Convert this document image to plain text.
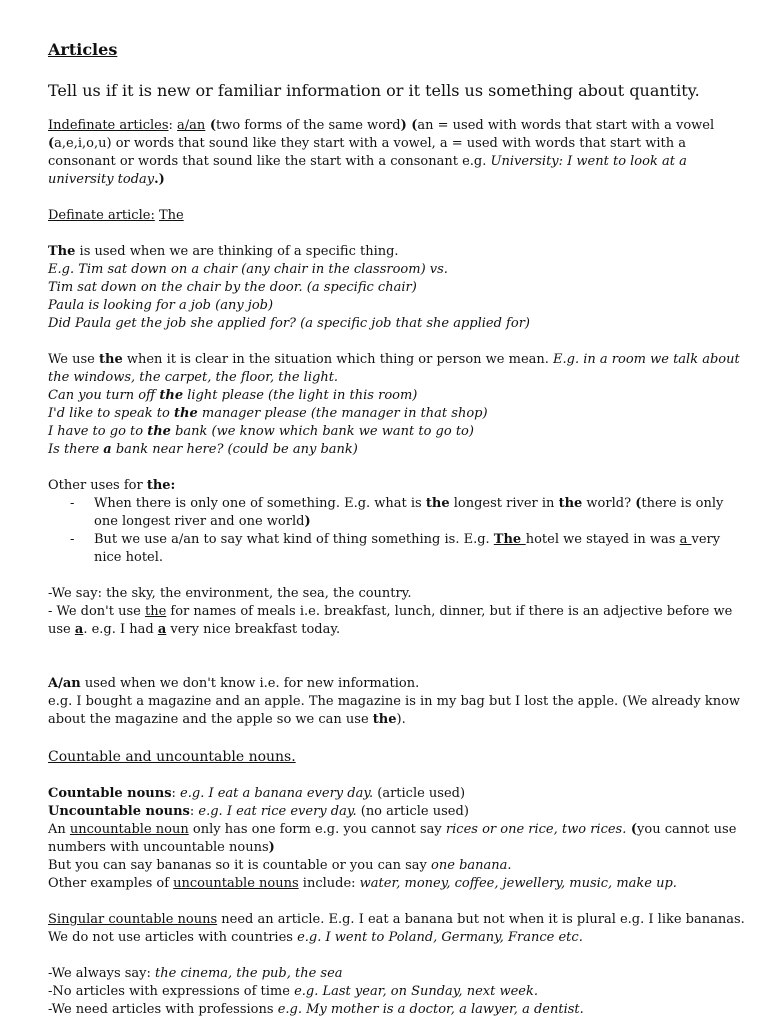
Articles

Tell us if it is new or familiar information or it tells us something about quantity.

Indefinate articles: a/an (two forms of the same word) (an = used with words that start with a vowel (a,e,i,o,u) or words that sound like they start with a vowel, a = used with words that start with a consonant or words that sound like the start with a consonant e.g. University: I went to look at a university today.)

Definate article: The

The is used when we are thinking of a specific thing.

E.g. Tim sat down on a chair (any chair in the classroom) vs.

Tim sat down on the chair by the door. (a specific chair)

Paula is looking for a job (any job)

Did Paula get the job she applied for? (a specific job that she applied for)

We use the when it is clear in the situation which thing or person we mean. E.g. in a room we talk about the windows, the carpet, the floor, the light.

Can you turn off the light please (the light in this room)

I'd like to speak to the manager please (the manager in that shop)

I have to go to the bank (we know which bank we want to go to)

Is there a bank near here? (could be any bank)

Other uses for the:

- When there is only one of something. E.g. what is the longest river in the world? (there is only one longest river and one world)
- But we use a/an to say what kind of thing something is. E.g. The hotel we stayed in was a very nice hotel.

-We say: the sky, the environment, the sea, the country.

- We don't use the for names of meals i.e. breakfast, lunch, dinner, but if there is an adjective before we use a. e.g. I had a very nice breakfast today.

A/an used when we don't know i.e. for new information.

e.g. I bought a magazine and an apple. The magazine is in my bag but I lost the apple. (We already know about the magazine and the apple so we can use the).

Countable and uncountable nouns.

Countable nouns: e.g. I eat a banana every day. (article used)

Uncountable nouns: e.g. I eat rice every day. (no article used)

An uncountable noun only has one form e.g. you cannot say rices or one rice, two rices. (you cannot use numbers with uncountable nouns)

But you can say bananas so it is countable or you can say one banana.

Other examples of uncountable nouns include: water, money, coffee, jewellery, music, make up.

Singular countable nouns need an article. E.g. I eat a banana but not when it is plural e.g. I like bananas.

We do not use articles with countries e.g. I went to Poland, Germany, France etc.

-We always say: the cinema, the pub, the sea

-No articles with expressions of time e.g. Last year, on Sunday, next week.

-We need articles with professions e.g. My mother is a doctor, a lawyer, a dentist.
